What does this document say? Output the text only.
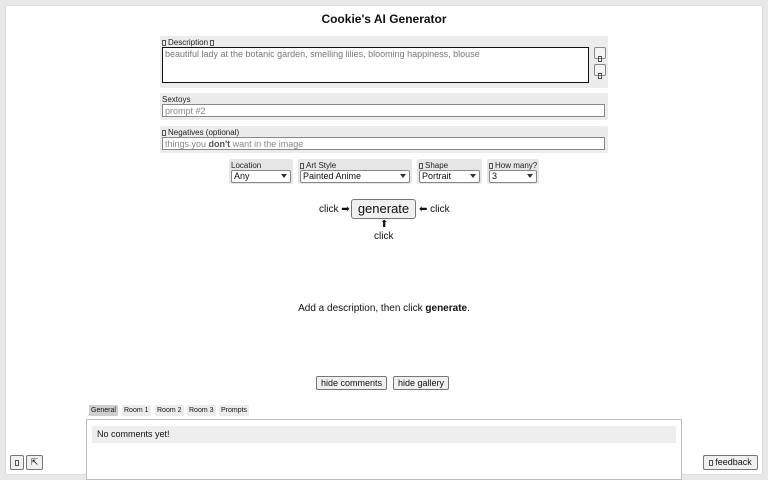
Cookie's AI Generator
Description
beautiful lady at the botanic garden, smelling lilies, blooming happiness, blouse
Sextoys
prompt #2
Negatives (optional)
things you don't want in the image
Location
Any
Art Style
Painted Anime
Shape
Portrait
How many?
3
click ➡ generate ⬅ click
⬆
click
Add a description, then click generate.
hide comments	hide gallery
General Room 1 Room 2 Room 3 Prompts
No comments yet!
⇱	feedback
